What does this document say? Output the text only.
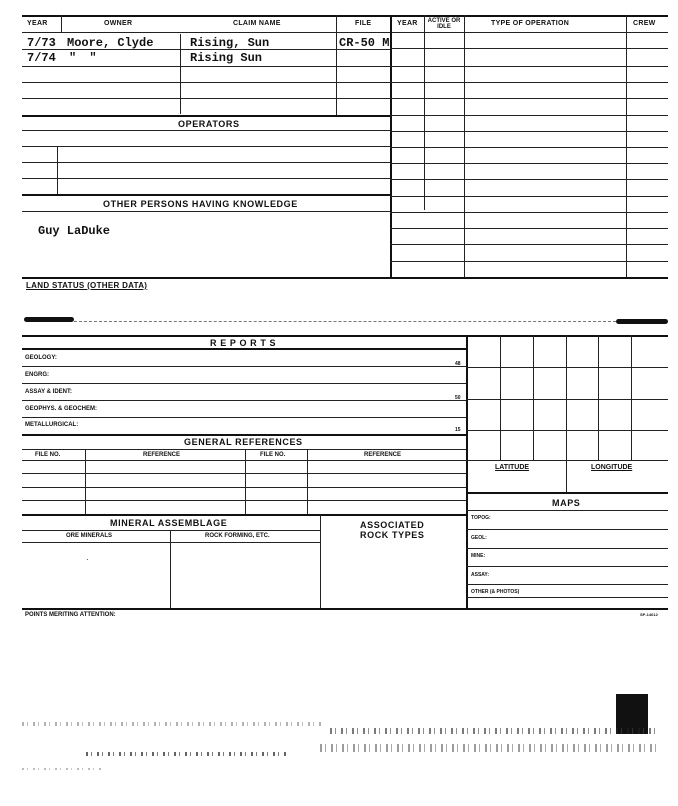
YEAR	OWNER	CLAIM NAME	FILE	YEAR ACTIVE OR IDLE	TYPE OF OPERATION	CREW
7/73 Moore, Clyde	Rising, Sun	CR-50 M
7/74 " "	Rising Sun
OPERATORS
OTHER PERSONS HAVING KNOWLEDGE
Guy LaDuke
LAND STATUS (OTHER DATA)
R E P O R T S
GEOLOGY:
48
ENGRG:
ASSAY & IDENT:
50
GEOPHYS. & GEOCHEM:
METALLURGICAL:
15
GENERAL REFERENCES
FILE NO.	REFERENCE	FILE NO.	REFERENCE
MINERAL ASSEMBLAGE
ORE MINERALS	ROCK FORMING, ETC.
·
ASSOCIATED
ROCK TYPES
LATITUDE	LONGITUDE
MAPS
TOPOG:
GEOL:
MINE:
ASSAY:
OTHER (& PHOTOS)
POINTS MERITING ATTENTION:	SP-14612
